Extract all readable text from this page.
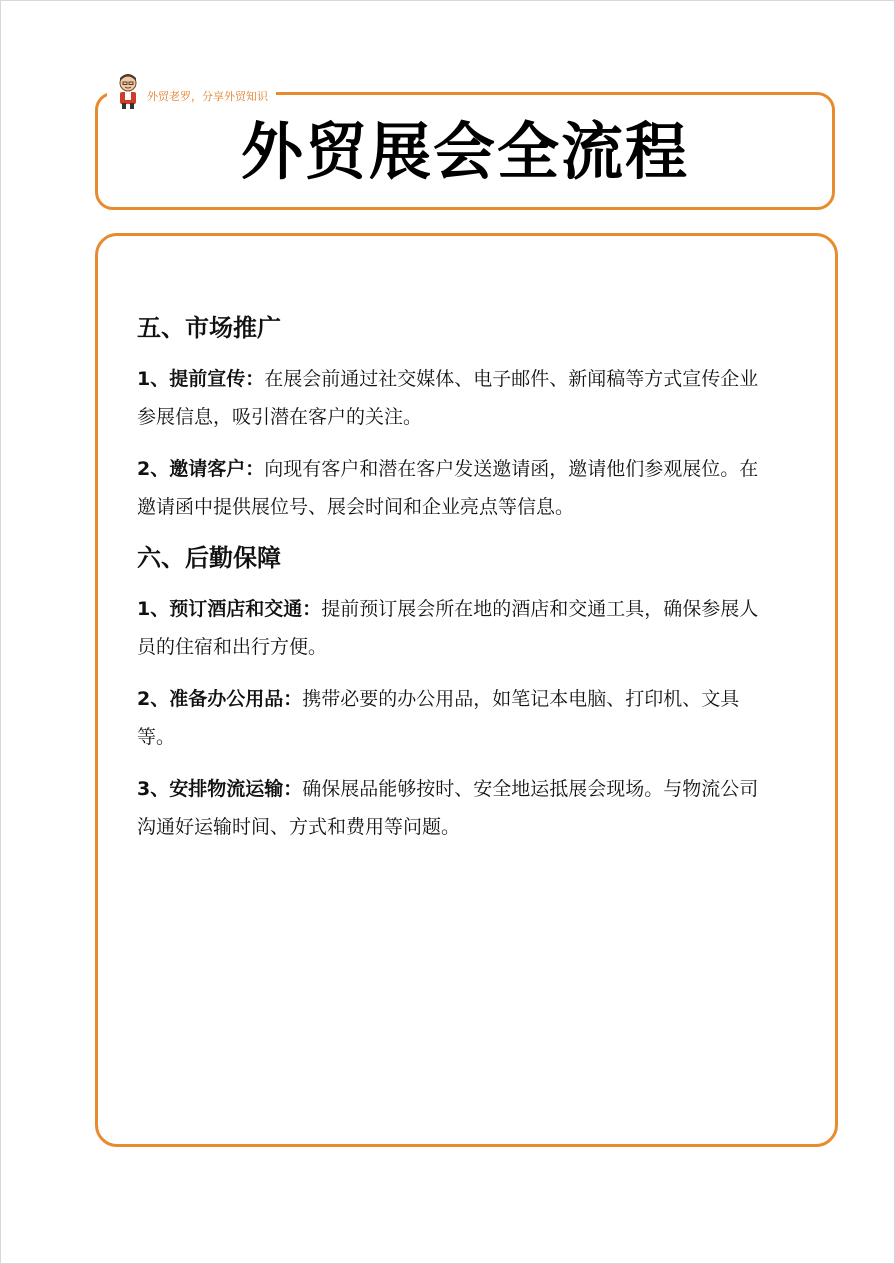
外贸老罗，分享外贸知识
外贸展会全流程
五、市场推广

1、提前宣传：在展会前通过社交媒体、电子邮件、新闻稿等方式宣传企业参展信息，吸引潜在客户的关注。

2、邀请客户：向现有客户和潜在客户发送邀请函，邀请他们参观展位。在邀请函中提供展位号、展会时间和企业亮点等信息。

六、后勤保障

1、预订酒店和交通：提前预订展会所在地的酒店和交通工具，确保参展人员的住宿和出行方便。

2、准备办公用品：携带必要的办公用品，如笔记本电脑、打印机、文具等。

3、安排物流运输：确保展品能够按时、安全地运抵展会现场。与物流公司沟通好运输时间、方式和费用等问题。
